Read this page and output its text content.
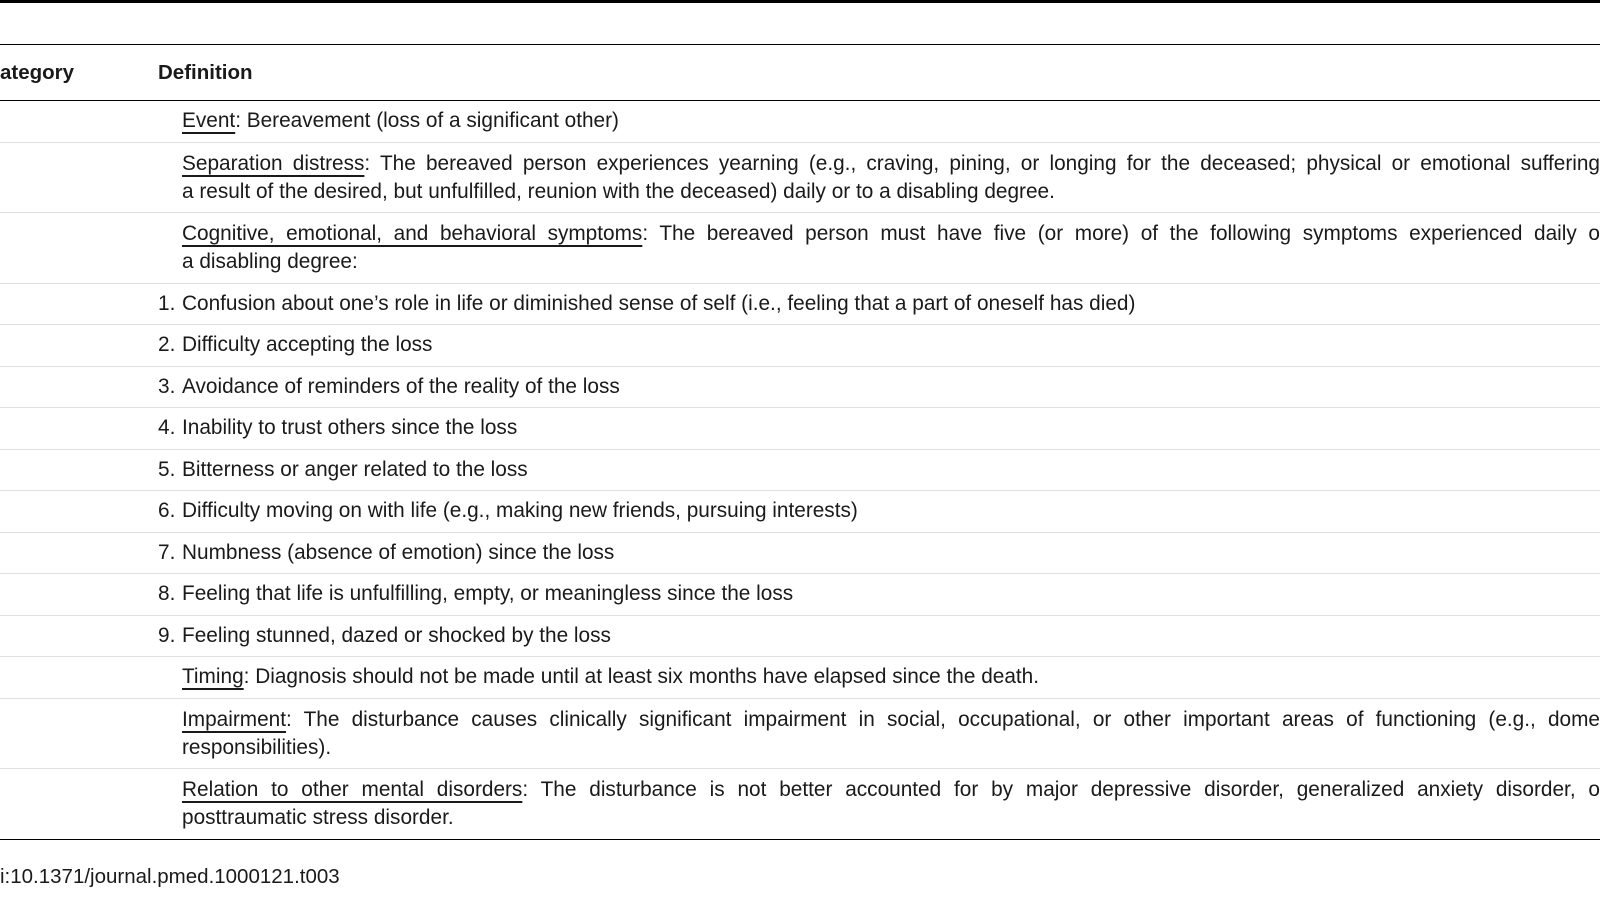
ategory	Definition
Event: Bereavement (loss of a significant other)
Separation distress: The bereaved person experiences yearning (e.g., craving, pining, or longing for the deceased; physical or emotional suffering
a result of the desired, but unfulfilled, reunion with the deceased) daily or to a disabling degree.
Cognitive, emotional, and behavioral symptoms: The bereaved person must have five (or more) of the following symptoms experienced daily o
a disabling degree:
1. Confusion about one’s role in life or diminished sense of self (i.e., feeling that a part of oneself has died)
2. Difficulty accepting the loss
3. Avoidance of reminders of the reality of the loss
4. Inability to trust others since the loss
5. Bitterness or anger related to the loss
6. Difficulty moving on with life (e.g., making new friends, pursuing interests)
7. Numbness (absence of emotion) since the loss
8. Feeling that life is unfulfilling, empty, or meaningless since the loss
9. Feeling stunned, dazed or shocked by the loss
Timing: Diagnosis should not be made until at least six months have elapsed since the death.
Impairment: The disturbance causes clinically significant impairment in social, occupational, or other important areas of functioning (e.g., dome
responsibilities).
Relation to other mental disorders: The disturbance is not better accounted for by major depressive disorder, generalized anxiety disorder, o
posttraumatic stress disorder.
i:10.1371/journal.pmed.1000121.t003
